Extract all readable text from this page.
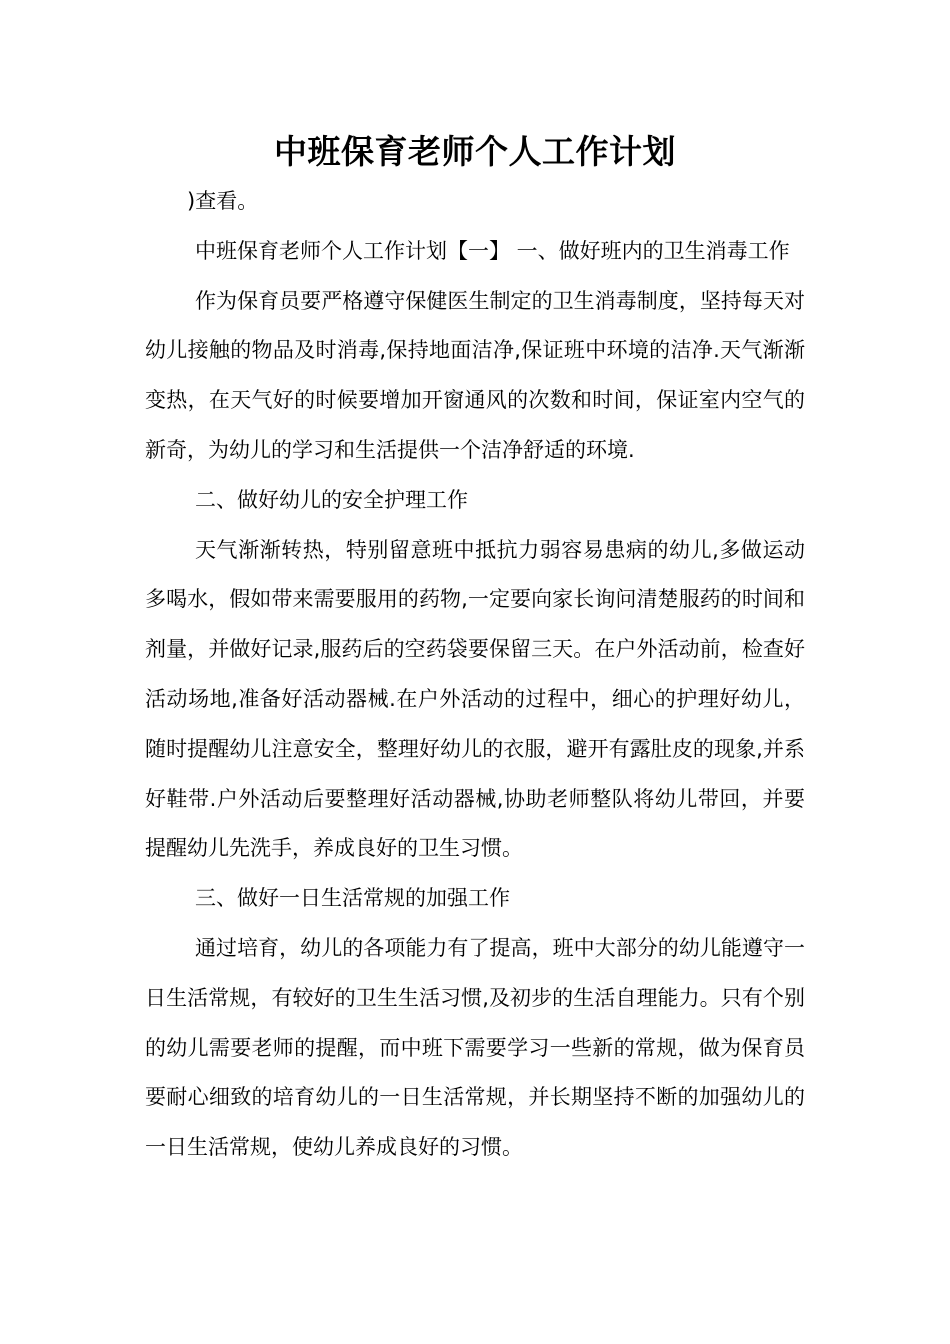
中班保育老师个人工作计划

)查看。

中班保育老师个人工作计划【一】 一、做好班内的卫生消毒工作

作为保育员要严格遵守保健医生制定的卫生消毒制度，坚持每天对幼儿接触的物品及时消毒,保持地面洁净,保证班中环境的洁净.天气渐渐变热，在天气好的时候要增加开窗通风的次数和时间，保证室内空气的新奇，为幼儿的学习和生活提供一个洁净舒适的环境.

二、做好幼儿的安全护理工作

天气渐渐转热，特别留意班中抵抗力弱容易患病的幼儿,多做运动多喝水，假如带来需要服用的药物,一定要向家长询问清楚服药的时间和剂量，并做好记录,服药后的空药袋要保留三天。在户外活动前，检查好活动场地,准备好活动器械.在户外活动的过程中，细心的护理好幼儿，随时提醒幼儿注意安全，整理好幼儿的衣服，避开有露肚皮的现象,并系好鞋带.户外活动后要整理好活动器械,协助老师整队将幼儿带回，并要提醒幼儿先洗手，养成良好的卫生习惯。

三、做好一日生活常规的加强工作

通过培育，幼儿的各项能力有了提高，班中大部分的幼儿能遵守一日生活常规，有较好的卫生生活习惯,及初步的生活自理能力。只有个别的幼儿需要老师的提醒，而中班下需要学习一些新的常规，做为保育员要耐心细致的培育幼儿的一日生活常规，并长期坚持不断的加强幼儿的一日生活常规，使幼儿养成良好的习惯。
